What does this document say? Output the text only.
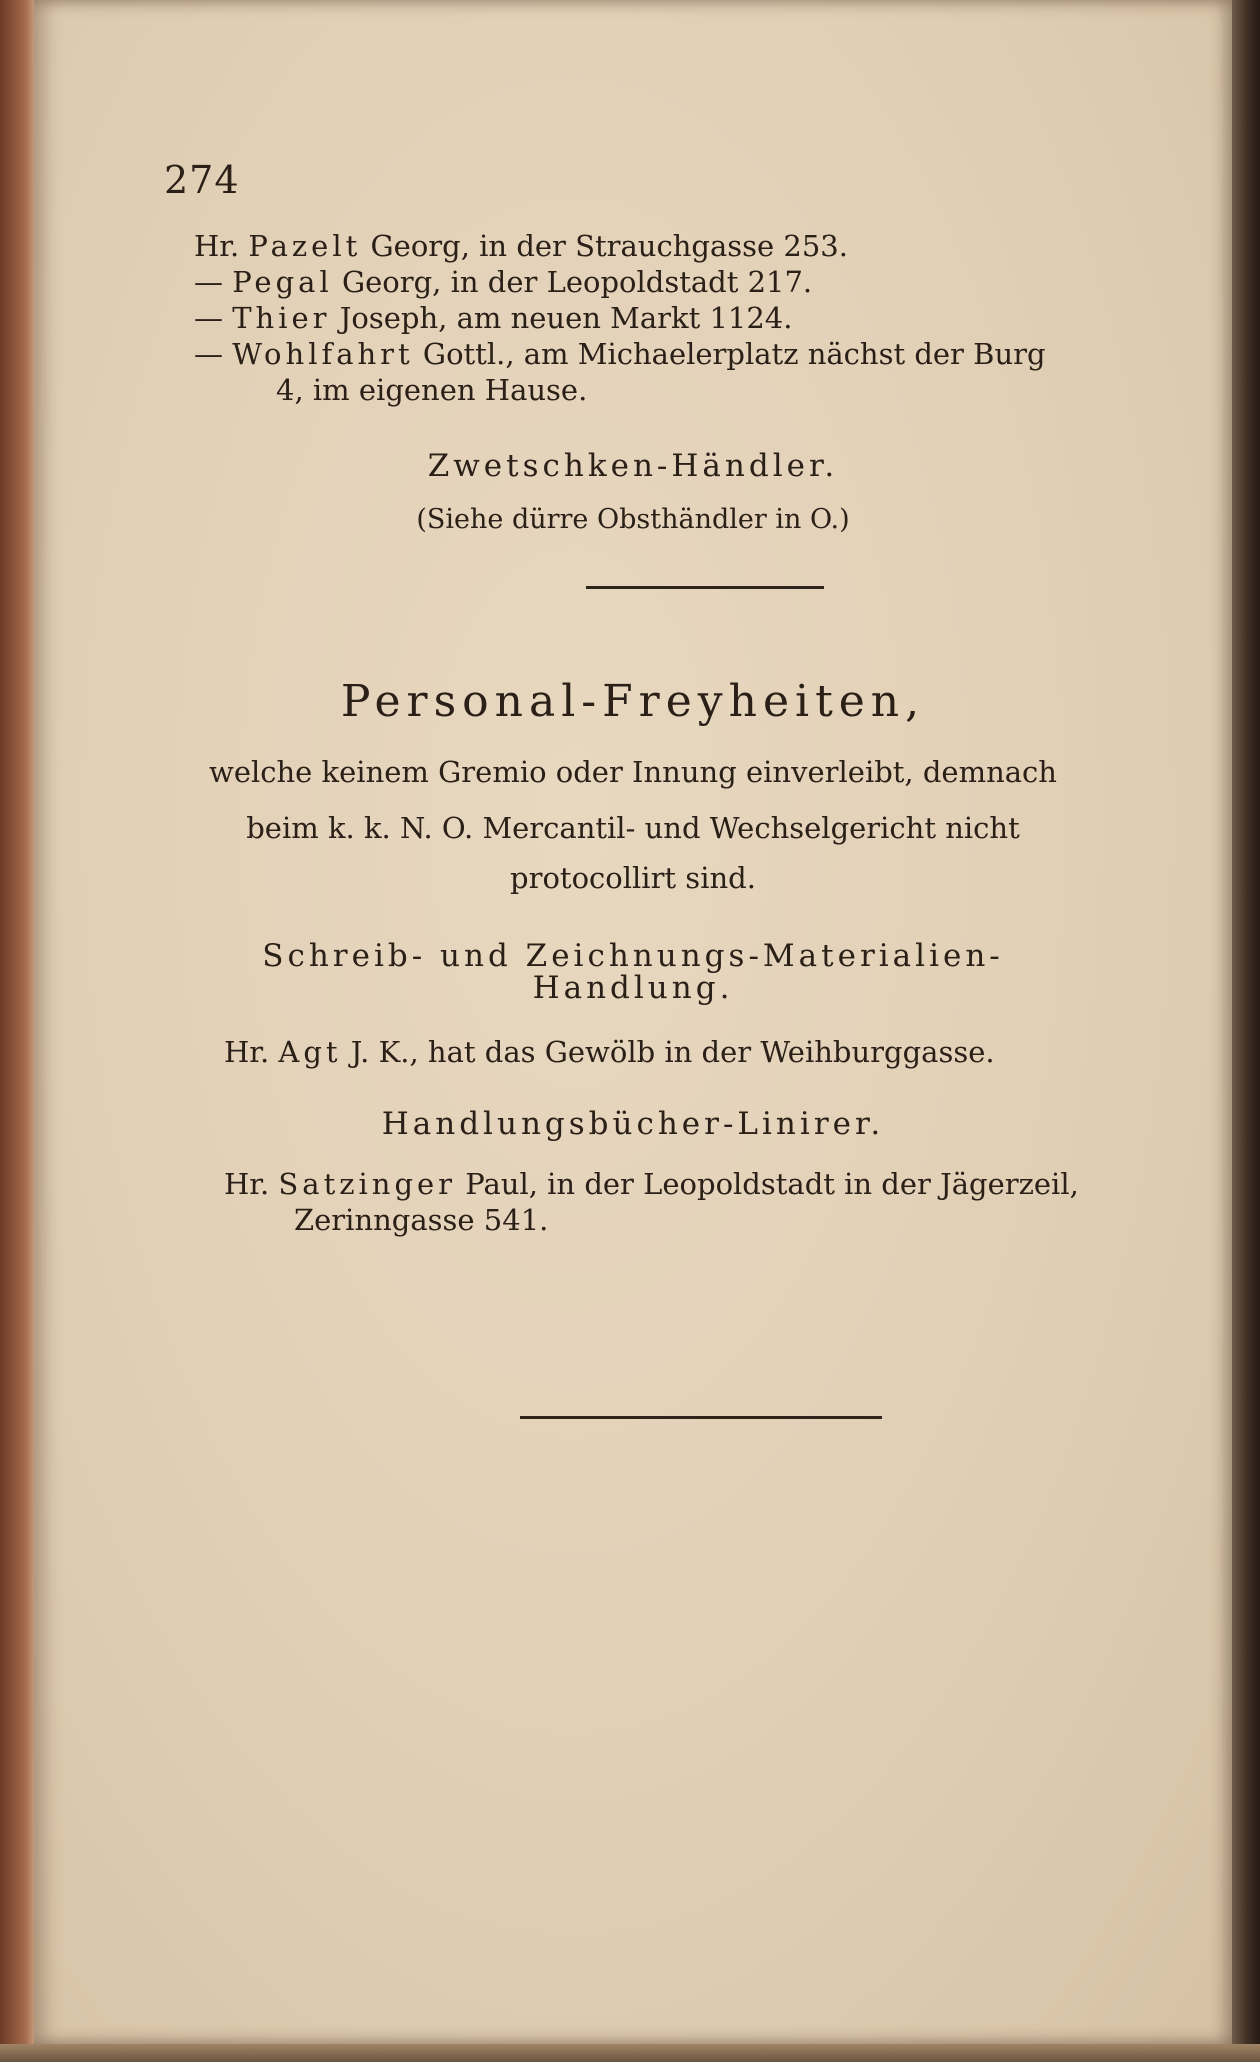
274
Hr. Pazelt Georg, in der Strauchgasse 253.
— Pegal Georg, in der Leopoldstadt 217.
— Thier Joseph, am neuen Markt 1124.
— Wohlfahrt Gottl., am Michaelerplatz nächst der Burg
4, im eigenen Hause.
Zwetschken-Händler.
(Siehe dürre Obsthändler in O.)
Personal-Freyheiten,
welche keinem Gremio oder Innung einverleibt, demnach
beim k. k. N. O. Mercantil- und Wechselgericht nicht
protocollirt sind.
Schreib- und Zeichnungs-Materialien-
Handlung.
Hr. Agt J. K., hat das Gewölb in der Weihburggasse.
Handlungsbücher-Linirer.
Hr. Satzinger Paul, in der Leopoldstadt in der Jägerzeil,
Zerinngasse 541.
